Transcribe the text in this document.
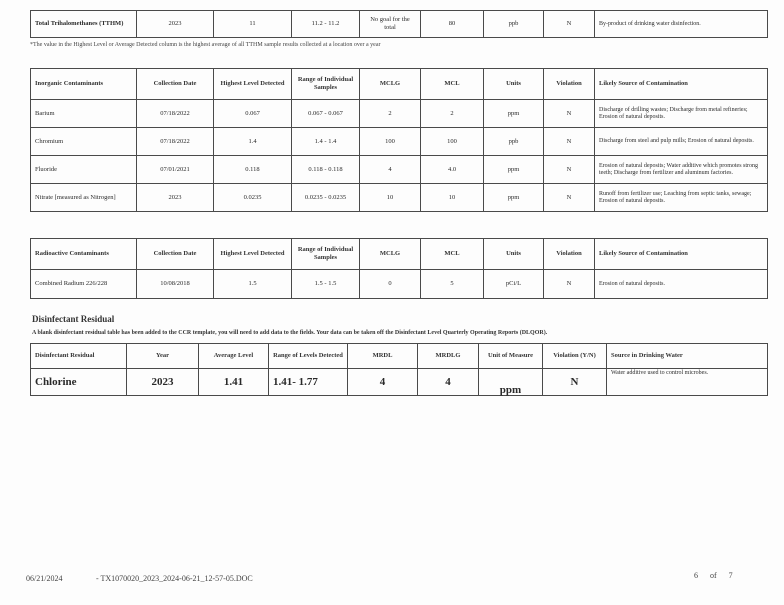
Total Trihalomethanes (TTHM)	2023	11	11.2 - 11.2	No goal for the total	80	ppb	N	By-product of drinking water disinfection.
*The value in the Highest Level or Average Detected column is the highest average of all TTHM sample results collected at a location over a year
Inorganic Contaminants	Collection Date	Highest Level Detected	Range of Individual Samples	MCLG	MCL	Units	Violation	Likely Source of Contamination
Barium	07/18/2022	0.067	0.067 - 0.067	2	2	ppm	N	Discharge of drilling wastes; Discharge from metal refineries; Erosion of natural deposits.
Chromium	07/18/2022	1.4	1.4 - 1.4	100	100	ppb	N	Discharge from steel and pulp mills; Erosion of natural deposits.
Fluoride	07/01/2021	0.118	0.118 - 0.118	4	4.0	ppm	N	Erosion of natural deposits; Water additive which promotes strong teeth; Discharge from fertilizer and aluminum factories.
Nitrate [measured as Nitrogen]	2023	0.0235	0.0235 - 0.0235	10	10	ppm	N	Runoff from fertilizer use; Leaching from septic tanks, sewage; Erosion of natural deposits.
Radioactive Contaminants	Collection Date	Highest Level Detected	Range of Individual Samples	MCLG	MCL	Units	Violation	Likely Source of Contamination
Combined Radium 226/228	10/08/2018	1.5	1.5 - 1.5	0	5	pCi/L	N	Erosion of natural deposits.
Disinfectant Residual
A blank disinfectant residual table has been added to the CCR template, you will need to add data to the fields. Your data can be taken off the Disinfectant Level Quarterly Operating Reports (DLQOR).
Disinfectant Residual	Year	Average Level	Range of Levels Detected	MRDL	MRDLG	Unit of Measure	Violation (Y/N)	Source in Drinking Water
Chlorine	2023	1.41	1.41- 1.77	4	4	ppm	N	Water additive used to control microbes.
06/21/2024	- TX1070020_2023_2024-06-21_12-57-05.DOC	6 of 7
